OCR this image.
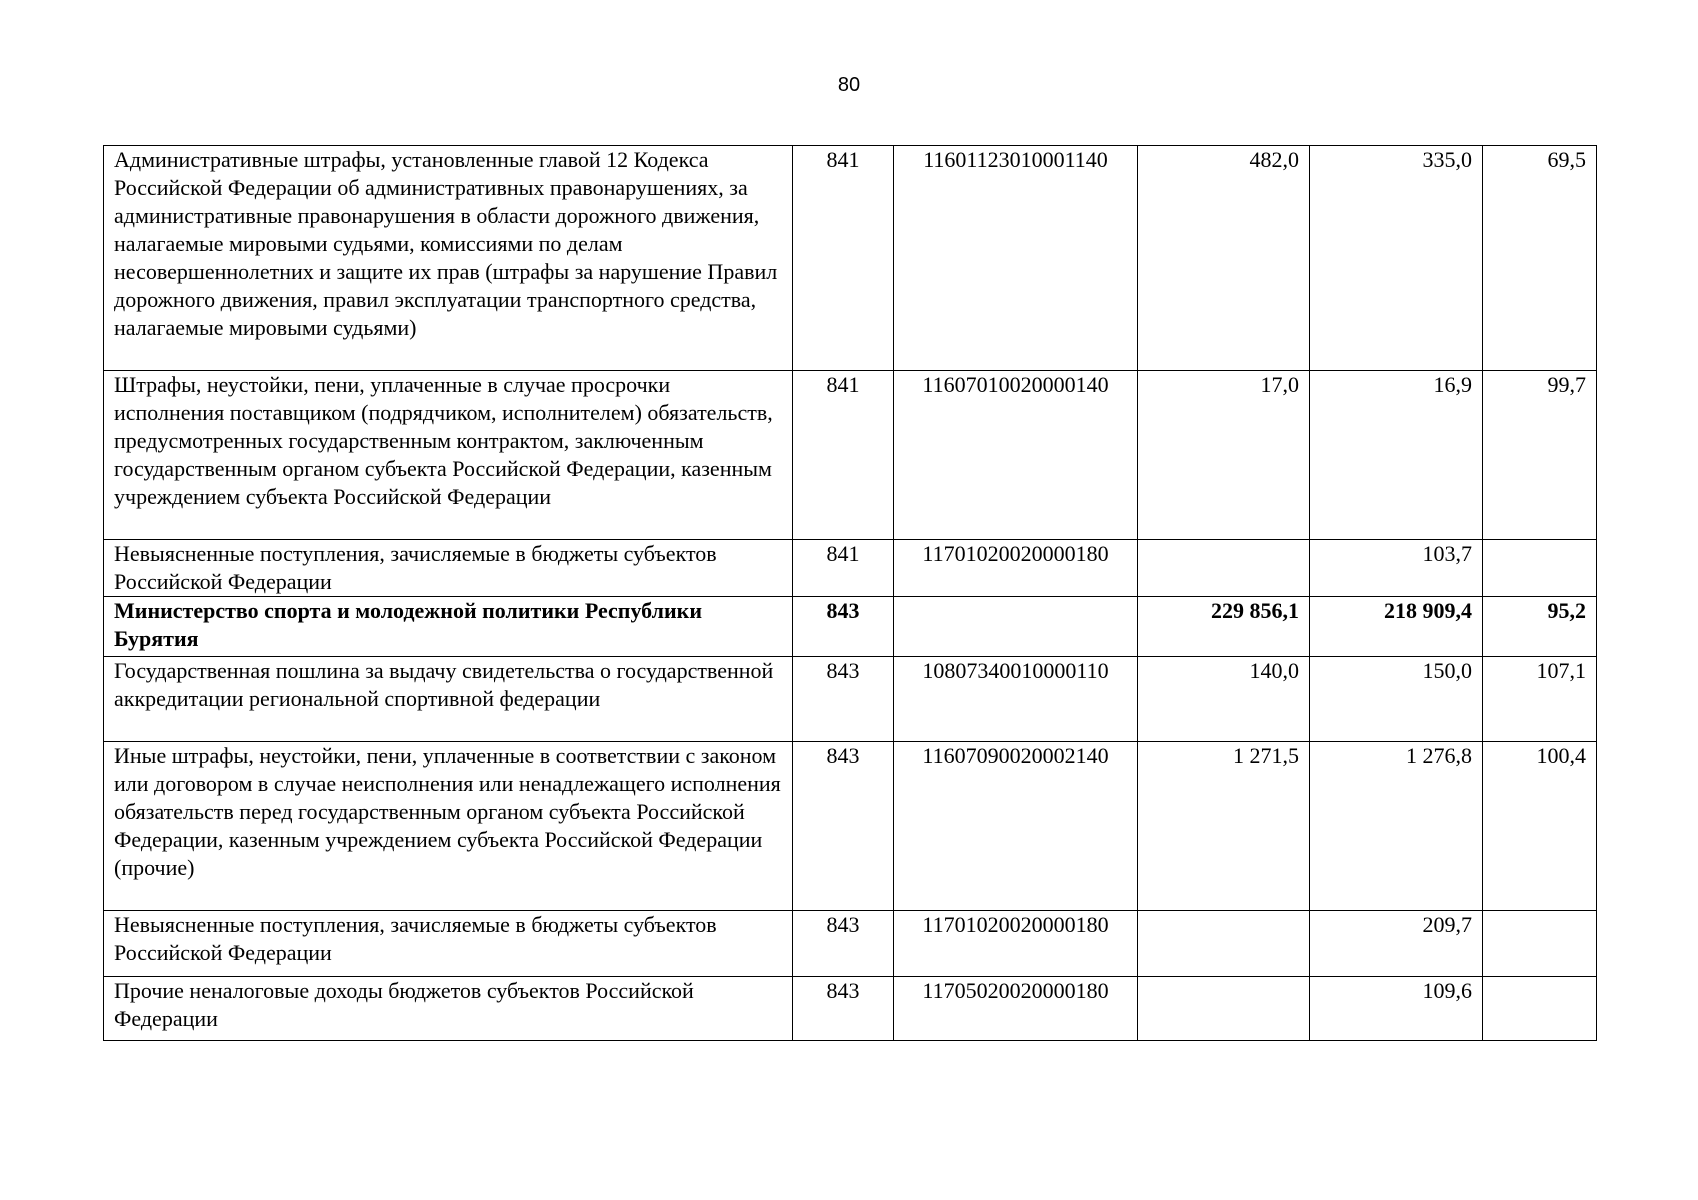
80
Административные штрафы, установленные главой 12 Кодекса Российской Федерации об административных правонарушениях, за административные правонарушения в области дорожного движения, налагаемые мировыми судьями, комиссиями по делам несовершеннолетних и защите их прав (штрафы за нарушение Правил дорожного движения, правил эксплуатации транспортного средства, налагаемые мировыми судьями)	841	11601123010001140	482,0	335,0	69,5
Штрафы, неустойки, пени, уплаченные в случае просрочки исполнения поставщиком (подрядчиком, исполнителем) обязательств, предусмотренных государственным контрактом, заключенным государственным органом субъекта Российской Федерации, казенным учреждением субъекта Российской Федерации	841	11607010020000140	17,0	16,9	99,7
Невыясненные поступления, зачисляемые в бюджеты субъектов Российской Федерации	841	11701020020000180		103,7	
Министерство спорта и молодежной политики Республики Бурятия	843		229 856,1	218 909,4	95,2
Государственная пошлина за выдачу свидетельства о государственной аккредитации региональной спортивной федерации	843	10807340010000110	140,0	150,0	107,1
Иные штрафы, неустойки, пени, уплаченные в соответствии с законом или договором в случае неисполнения или ненадлежащего исполнения обязательств перед государственным органом субъекта Российской Федерации, казенным учреждением субъекта Российской Федерации (прочие)	843	11607090020002140	1 271,5	1 276,8	100,4
Невыясненные поступления, зачисляемые в бюджеты субъектов Российской Федерации	843	11701020020000180		209,7	
Прочие неналоговые доходы бюджетов субъектов Российской Федерации	843	11705020020000180		109,6	
